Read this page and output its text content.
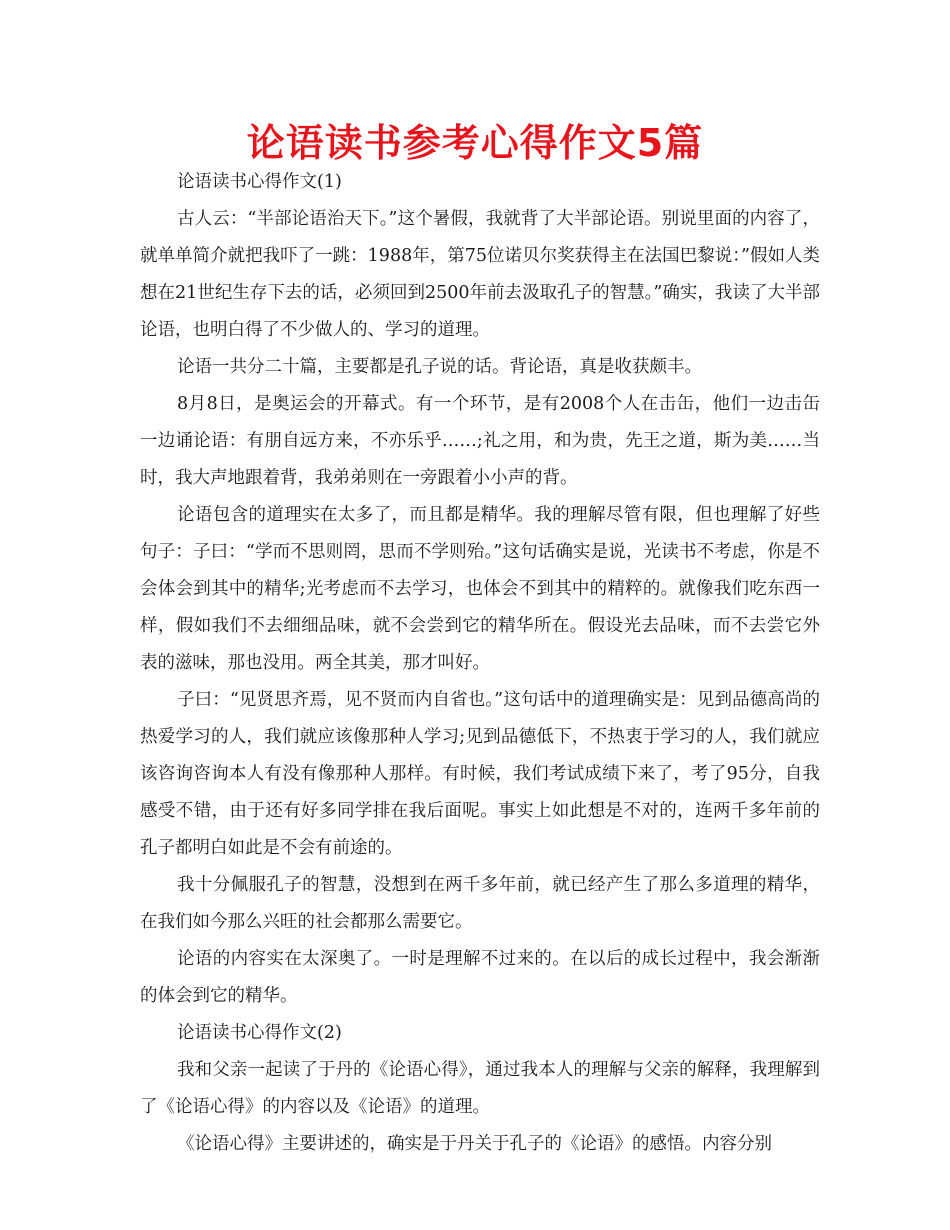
论语读书参考心得作文5篇

论语读书心得作文(1)

古人云：“半部论语治天下。”这个暑假，我就背了大半部论语。别说里面的内容了，就单单简介就把我吓了一跳：1988年，第75位诺贝尔奖获得主在法国巴黎说：”假如人类想在21世纪生存下去的话，必须回到2500年前去汲取孔子的智慧。”确实，我读了大半部论语，也明白得了不少做人的、学习的道理。

论语一共分二十篇，主要都是孔子说的话。背论语，真是收获颇丰。

8月8日，是奥运会的开幕式。有一个环节，是有2008个人在击缶，他们一边击缶一边诵论语：有朋自远方来，不亦乐乎……;礼之用，和为贵，先王之道，斯为美……当时，我大声地跟着背，我弟弟则在一旁跟着小小声的背。

论语包含的道理实在太多了，而且都是精华。我的理解尽管有限，但也理解了好些句子：子曰：“学而不思则罔，思而不学则殆。”这句话确实是说，光读书不考虑，你是不会体会到其中的精华;光考虑而不去学习，也体会不到其中的精粹的。就像我们吃东西一样，假如我们不去细细品味，就不会尝到它的精华所在。假设光去品味，而不去尝它外表的滋味，那也没用。两全其美，那才叫好。

子曰：“见贤思齐焉，见不贤而内自省也。”这句话中的道理确实是：见到品德高尚的热爱学习的人，我们就应该像那种人学习;见到品德低下，不热衷于学习的人，我们就应该咨询咨询本人有没有像那种人那样。有时候，我们考试成绩下来了，考了95分，自我感受不错，由于还有好多同学排在我后面呢。事实上如此想是不对的，连两千多年前的孔子都明白如此是不会有前途的。

我十分佩服孔子的智慧，没想到在两千多年前，就已经产生了那么多道理的精华，在我们如今那么兴旺的社会都那么需要它。

论语的内容实在太深奥了。一时是理解不过来的。在以后的成长过程中，我会渐渐的体会到它的精华。

论语读书心得作文(2)

我和父亲一起读了于丹的《论语心得》，通过我本人的理解与父亲的解释，我理解到了《论语心得》的内容以及《论语》的道理。

《论语心得》主要讲述的，确实是于丹关于孔子的《论语》的感悟。内容分别
